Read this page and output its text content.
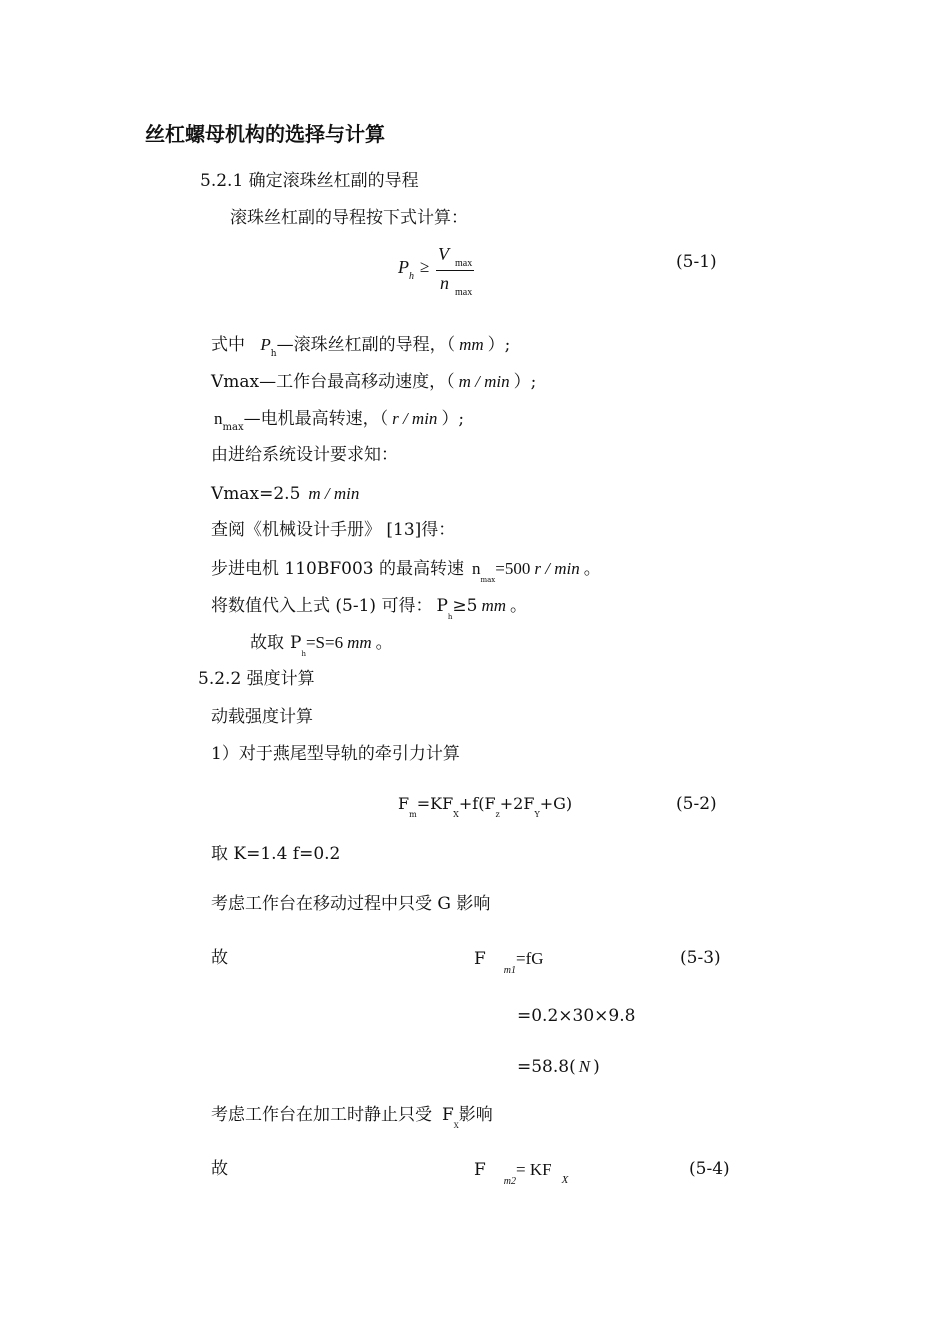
丝杠螺母机构的选择与计算
5.2.1 确定滚珠丝杠副的导程
滚珠丝杠副的导程按下式计算：
$P_h$
≥
V $_{max}$
n $_{max}$
(5-1)
式中 $P_h—$滚珠丝杠副的导程，（ mm ）;
Vmax—工作台最高移动速度，（ m / min ）;
$n_{max}—$电机最高转速，（ r / min ）;
由进给系统设计要求知：
Vmax=2.5 m / min
查阅《机械设计手册》 [13]得：
步进电机 110BF003 的最高转速 $n_{max}=500$ r / min 。
将数值代入上式 (5-1) 可得： $P_h\ge 5$ mm 。
故取 $P_h=S=6$ mm 。
5.2.2 强度计算
动载强度计算
1）对于燕尾型导轨的牵引力计算
$F_m=KF_X+f(F_z+2F_Y+G)$	(5-2)
取 K=1.4 f=0.2
考虑工作台在移动过程中只受 G 影响
故	$F_{m1}=fG$	(5-3)
=0.2×30×9.8
=58.8( N )
考虑工作台在加工时静止只受 $F_X$影响
故	$F_{m2}= KF_X$
(5-4)
